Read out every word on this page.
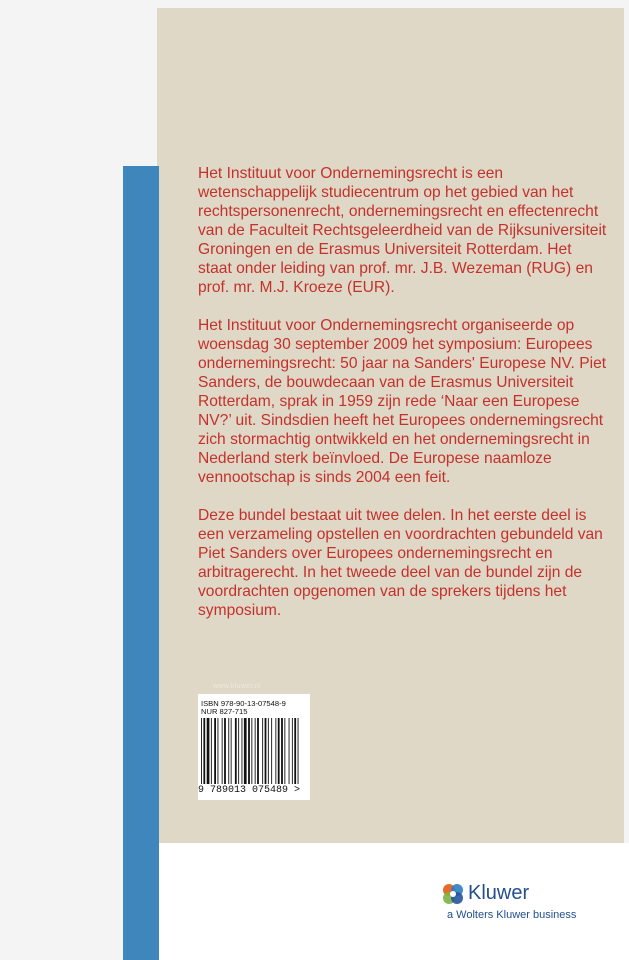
Het Instituut voor Ondernemingsrecht is een wetenschappelijk studiecentrum op het gebied van het rechtspersonenrecht, ondernemingsrecht en effectenrecht van de Faculteit Rechtsgeleerdheid van de Rijksuniversiteit Groningen en de Erasmus Universiteit Rotterdam. Het staat onder leiding van prof. mr. J.B. Wezeman (RUG) en prof. mr. M.J. Kroeze (EUR).

Het Instituut voor Ondernemingsrecht organiseerde op woensdag 30 september 2009 het symposium: Europees ondernemingsrecht: 50 jaar na Sanders' Europese NV. Piet Sanders, de bouwdecaan van de Erasmus Universiteit Rotterdam, sprak in 1959 zijn rede ‘Naar een Europese NV?’ uit. Sindsdien heeft het Europees ondernemingsrecht zich stormachtig ontwikkeld en het ondernemingsrecht in Nederland sterk beïnvloed. De Europese naamloze vennootschap is sinds 2004 een feit.

Deze bundel bestaat uit twee delen. In het eerste deel is een verzameling opstellen en voordrachten gebundeld van Piet Sanders over Europees ondernemingsrecht en arbitragerecht. In het tweede deel van de bundel zijn de voordrachten opgenomen van de sprekers tijdens het symposium.

www.kluwer.nl
ISBN 978-90-13-07548-9
NUR 827-715
9 789013 075489 >
Kluwer
a Wolters Kluwer business
